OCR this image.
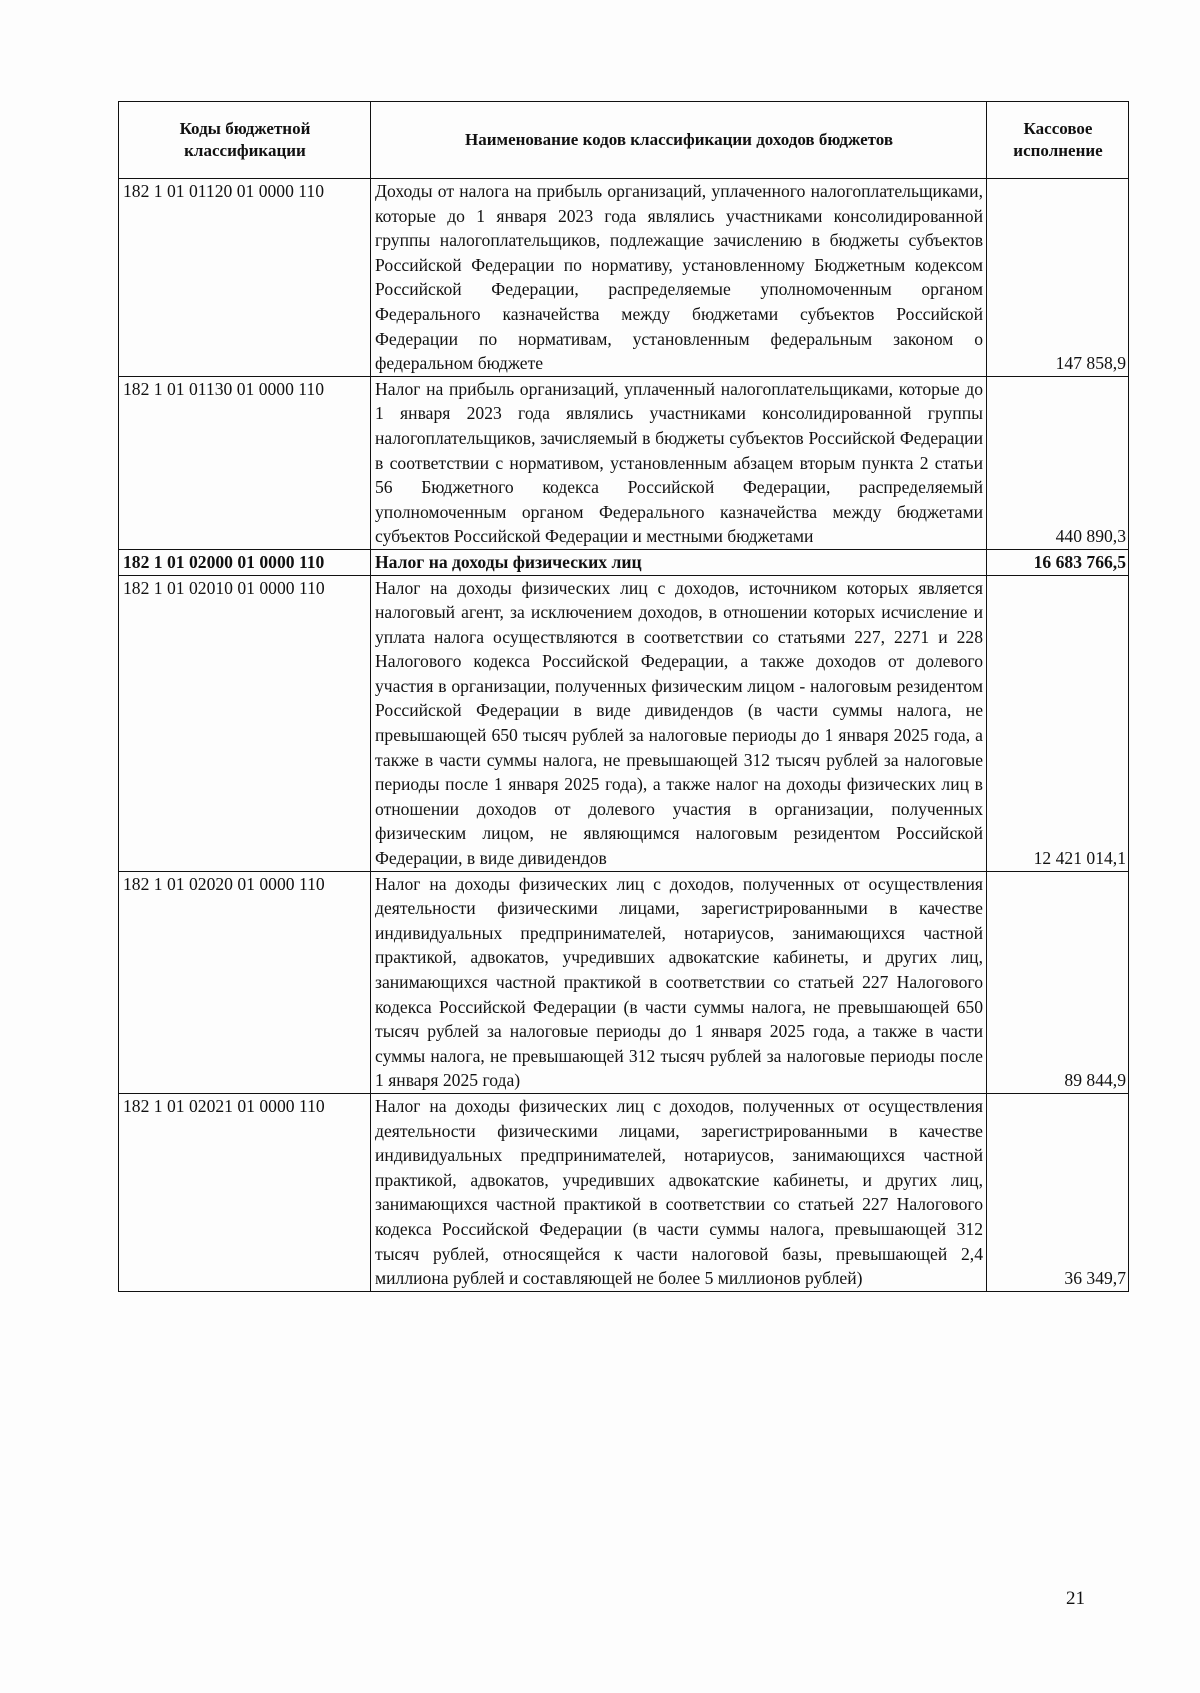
Коды бюджетной классификации	Наименование кодов классификации доходов бюджетов	Кассовое исполнение
182 1 01 01120 01 0000 110	Доходы от налога на прибыль организаций, уплаченного налогоплательщиками, которые до 1 января 2023 года являлись участниками консолидированной группы налогоплательщиков, подлежащие зачислению в бюджеты субъектов Российской Федерации по нормативу, установленному Бюджетным кодексом Российской Федерации, распределяемые уполномоченным органом Федерального казначейства между бюджетами субъектов Российской Федерации по нормативам, установленным федеральным законом о федеральном бюджете	147 858,9
182 1 01 01130 01 0000 110	Налог на прибыль организаций, уплаченный налогоплательщиками, которые до 1 января 2023 года являлись участниками консолидированной группы налогоплательщиков, зачисляемый в бюджеты субъектов Российской Федерации в соответствии с нормативом, установленным абзацем вторым пункта 2 статьи 56 Бюджетного кодекса Российской Федерации, распределяемый уполномоченным органом Федерального казначейства между бюджетами субъектов Российской Федерации и местными бюджетами	440 890,3
182 1 01 02000 01 0000 110	Налог на доходы физических лиц	16 683 766,5
182 1 01 02010 01 0000 110	Налог на доходы физических лиц с доходов, источником которых является налоговый агент, за исключением доходов, в отношении которых исчисление и уплата налога осуществляются в соответствии со статьями 227, 2271 и 228 Налогового кодекса Российской Федерации, а также доходов от долевого участия в организации, полученных физическим лицом - налоговым резидентом Российской Федерации в виде дивидендов (в части суммы налога, не превышающей 650 тысяч рублей за налоговые периоды до 1 января 2025 года, а также в части суммы налога, не превышающей 312 тысяч рублей за налоговые периоды после 1 января 2025 года), а также налог на доходы физических лиц в отношении доходов от долевого участия в организации, полученных физическим лицом, не являющимся налоговым резидентом Российской Федерации, в виде дивидендов	12 421 014,1
182 1 01 02020 01 0000 110	Налог на доходы физических лиц с доходов, полученных от осуществления деятельности физическими лицами, зарегистрированными в качестве индивидуальных предпринимателей, нотариусов, занимающихся частной практикой, адвокатов, учредивших адвокатские кабинеты, и других лиц, занимающихся частной практикой в соответствии со статьей 227 Налогового кодекса Российской Федерации (в части суммы налога, не превышающей 650 тысяч рублей за налоговые периоды до 1 января 2025 года, а также в части суммы налога, не превышающей 312 тысяч рублей за налоговые периоды после 1 января 2025 года)	89 844,9
182 1 01 02021 01 0000 110	Налог на доходы физических лиц с доходов, полученных от осуществления деятельности физическими лицами, зарегистрированными в качестве индивидуальных предпринимателей, нотариусов, занимающихся частной практикой, адвокатов, учредивших адвокатские кабинеты, и других лиц, занимающихся частной практикой в соответствии со статьей 227 Налогового кодекса Российской Федерации (в части суммы налога, превышающей 312 тысяч рублей, относящейся к части налоговой базы, превышающей 2,4 миллиона рублей и составляющей не более 5 миллионов рублей)	36 349,7
21
